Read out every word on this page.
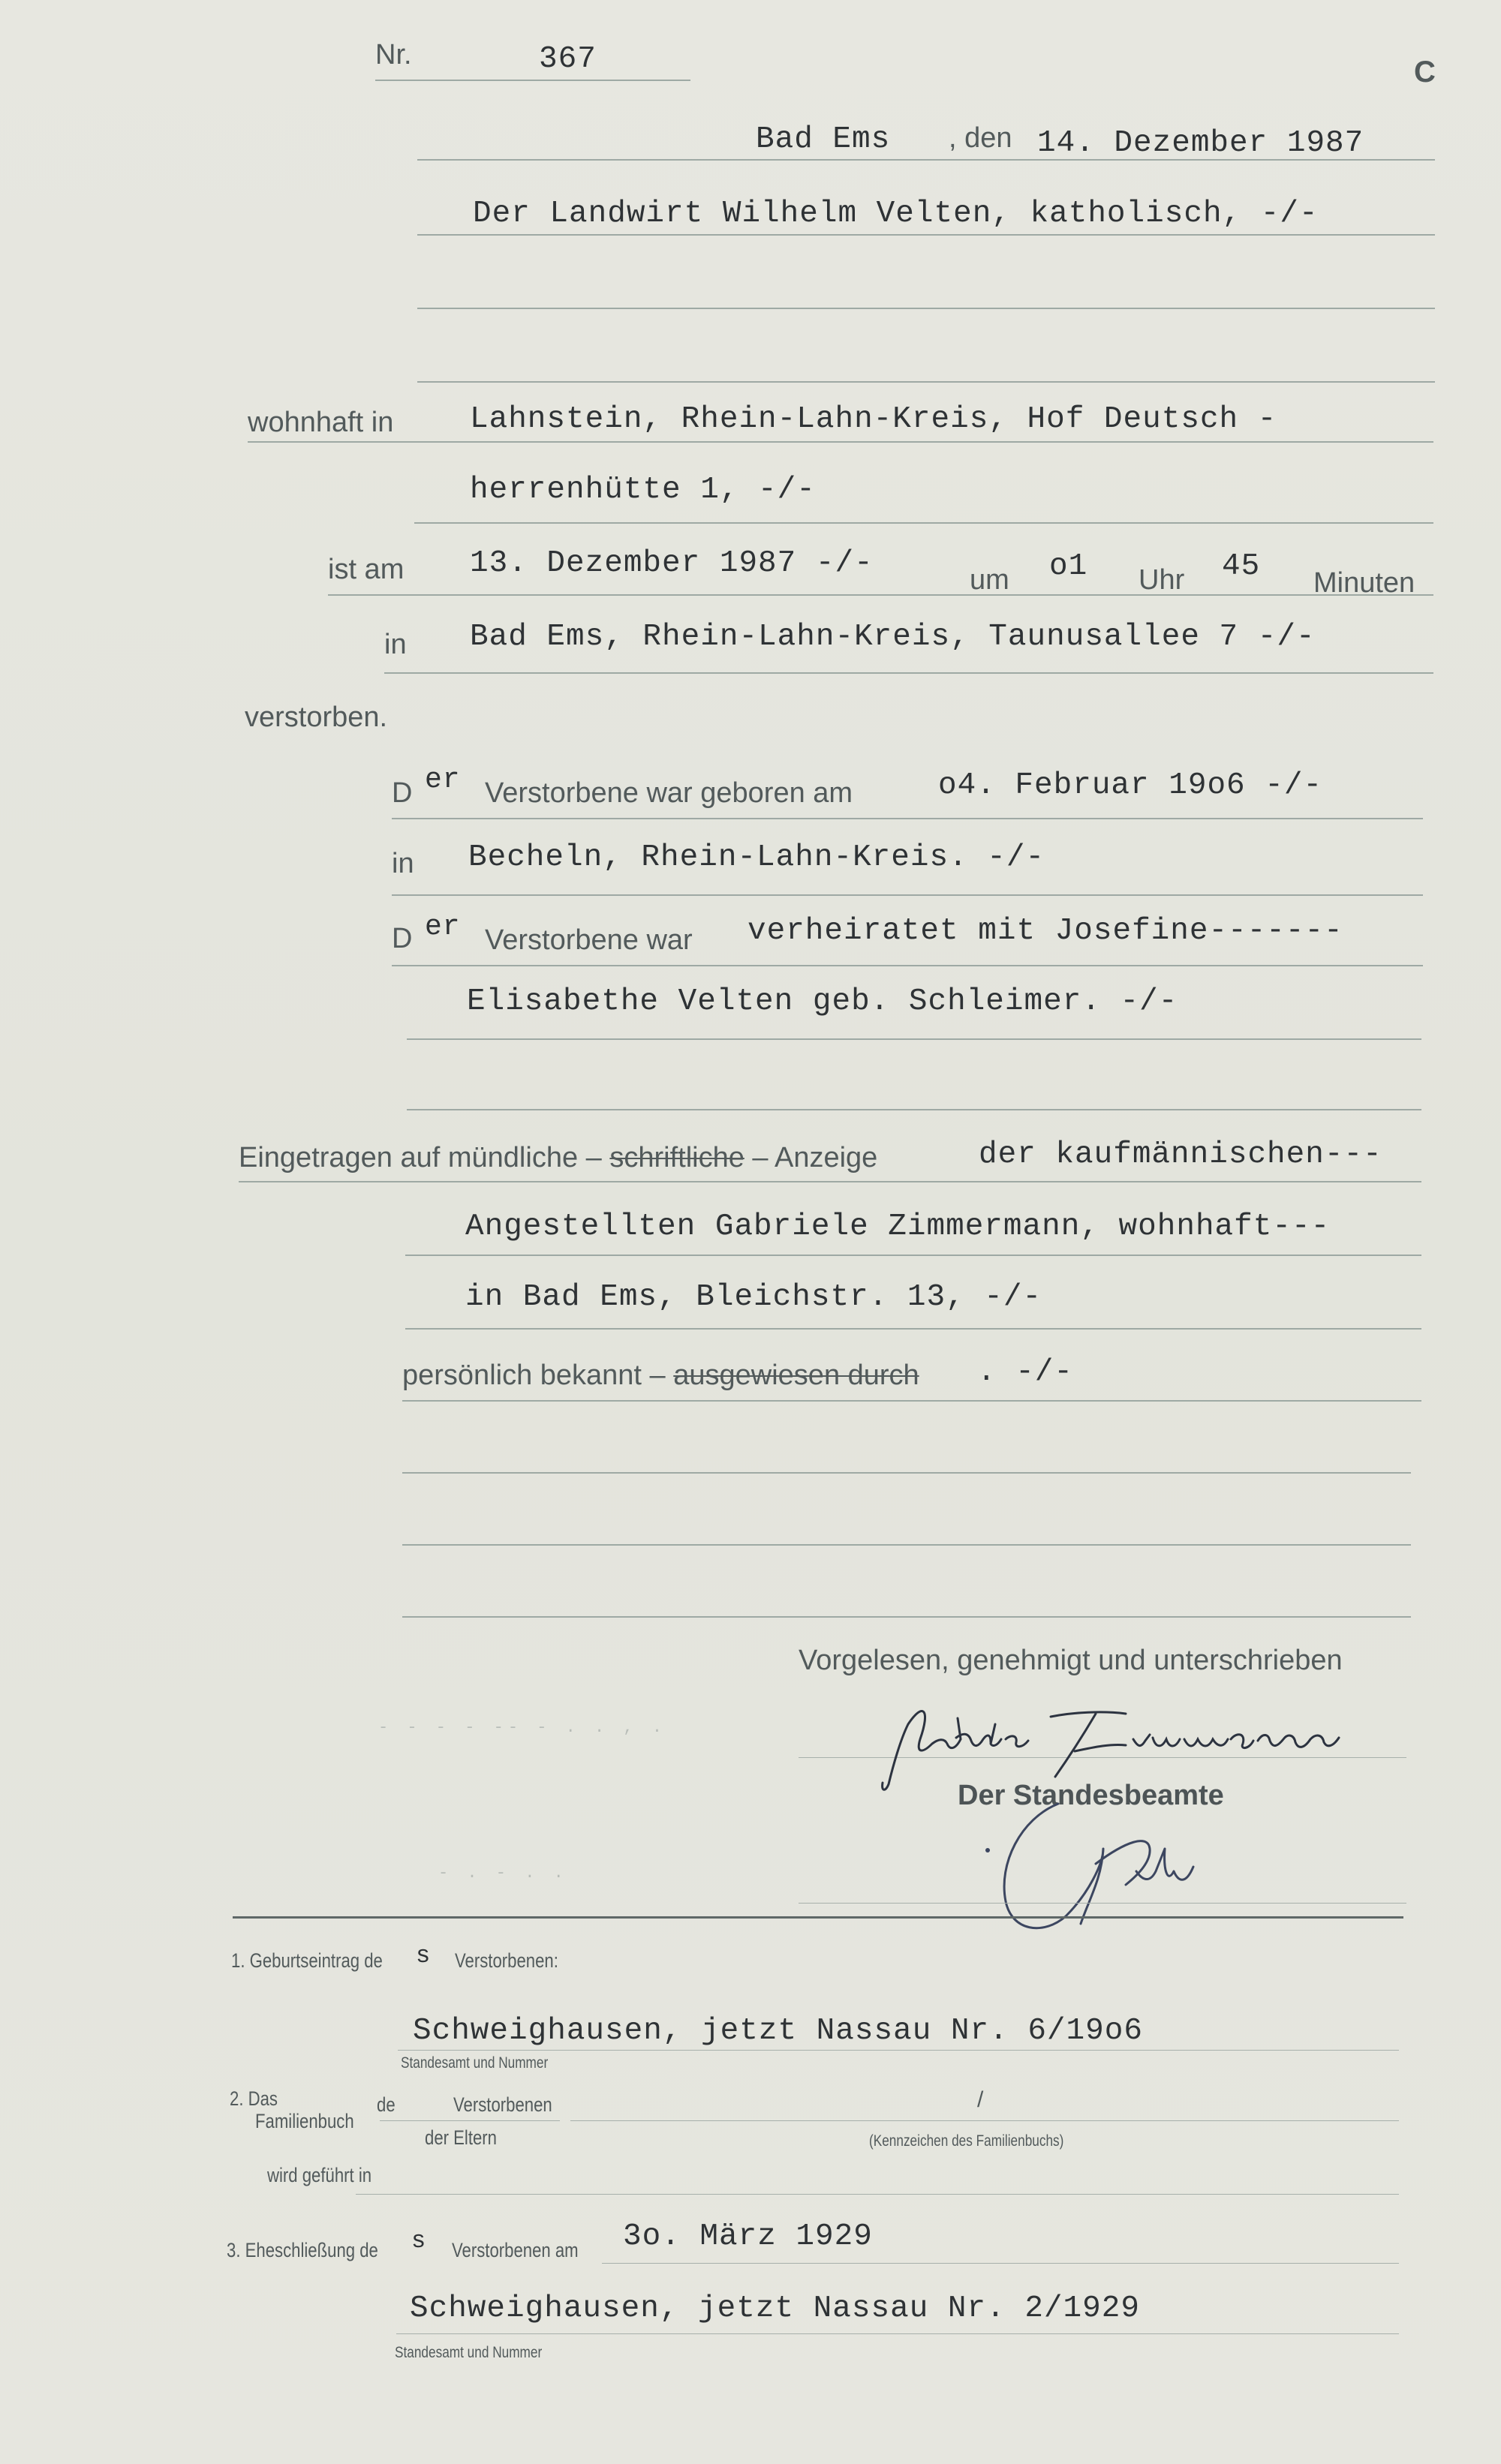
Nr.	367	C
Bad Ems , den 14. Dezember 1987
Der Landwirt Wilhelm Velten, katholisch, -/-
wohnhaft in Lahnstein, Rhein-Lahn-Kreis, Hof Deutsch -
herrenhütte 1, -/-
ist am 13. Dezember 1987 -/-	um o1 Uhr 45 Minuten
in Bad Ems, Rhein-Lahn-Kreis, Taunusallee 7 -/-
verstorben.
D er Verstorbene war geboren am	o4. Februar 19o6 -/-
in Becheln, Rhein-Lahn-Kreis. -/-
D er Verstorbene war verheiratet mit Josefine-------
Elisabethe Velten geb. Schleimer. -/-
Eingetragen auf mündliche – schriftliche – Anzeige	der kaufmännischen---
Angestellten Gabriele Zimmermann, wohnhaft---
in Bad Ems, Bleichstr. 13, -/-
persönlich bekannt – ausgewiesen durch . -/-
Vorgelesen, genehmigt und unterschrieben
- - - - -- - . . , .
- . - . .
Der Standesbeamte
1. Geburtseintrag de s Verstorbenen:
Schweighausen, jetzt Nassau Nr. 6/19o6
Standesamt und Nummer
2. Das
Familienbuch
de	Verstorbenen	/
der Eltern	(Kennzeichen des Familienbuchs)
wird geführt in
3. Eheschließung de s Verstorbenen am 3o. März 1929
Schweighausen, jetzt Nassau Nr. 2/1929
Standesamt und Nummer
